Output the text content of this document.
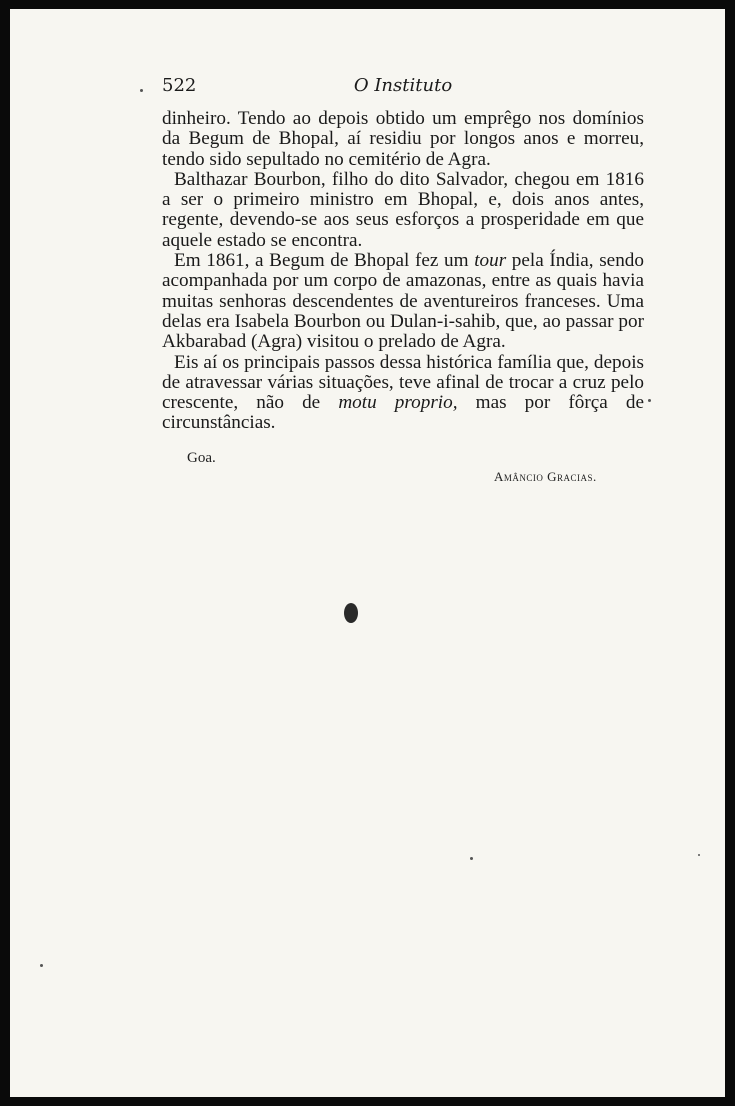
522	O Instituto

dinheiro. Tendo ao depois obtido um emprêgo nos domínios da Begum de Bhopal, aí residiu por longos anos e morreu, tendo sido sepultado no cemitério de Agra.

Balthazar Bourbon, filho do dito Salvador, chegou em 1816 a ser o primeiro ministro em Bhopal, e, dois anos antes, regente, devendo-se aos seus esforços a prosperidade em que aquele estado se encontra.

Em 1861, a Begum de Bhopal fez um tour pela Índia, sendo acompanhada por um corpo de amazonas, entre as quais havia muitas senhoras descendentes de aventureiros franceses. Uma delas era Isabela Bourbon ou Dulan-i-sahib, que, ao passar por Akbarabad (Agra) visitou o prelado de Agra.

Eis aí os principais passos dessa histórica família que, depois de atravessar várias situações, teve afinal de trocar a cruz pelo crescente, não de motu proprio, mas por fôrça de circunstâncias.

Goa.
Amâncio Gracias.
